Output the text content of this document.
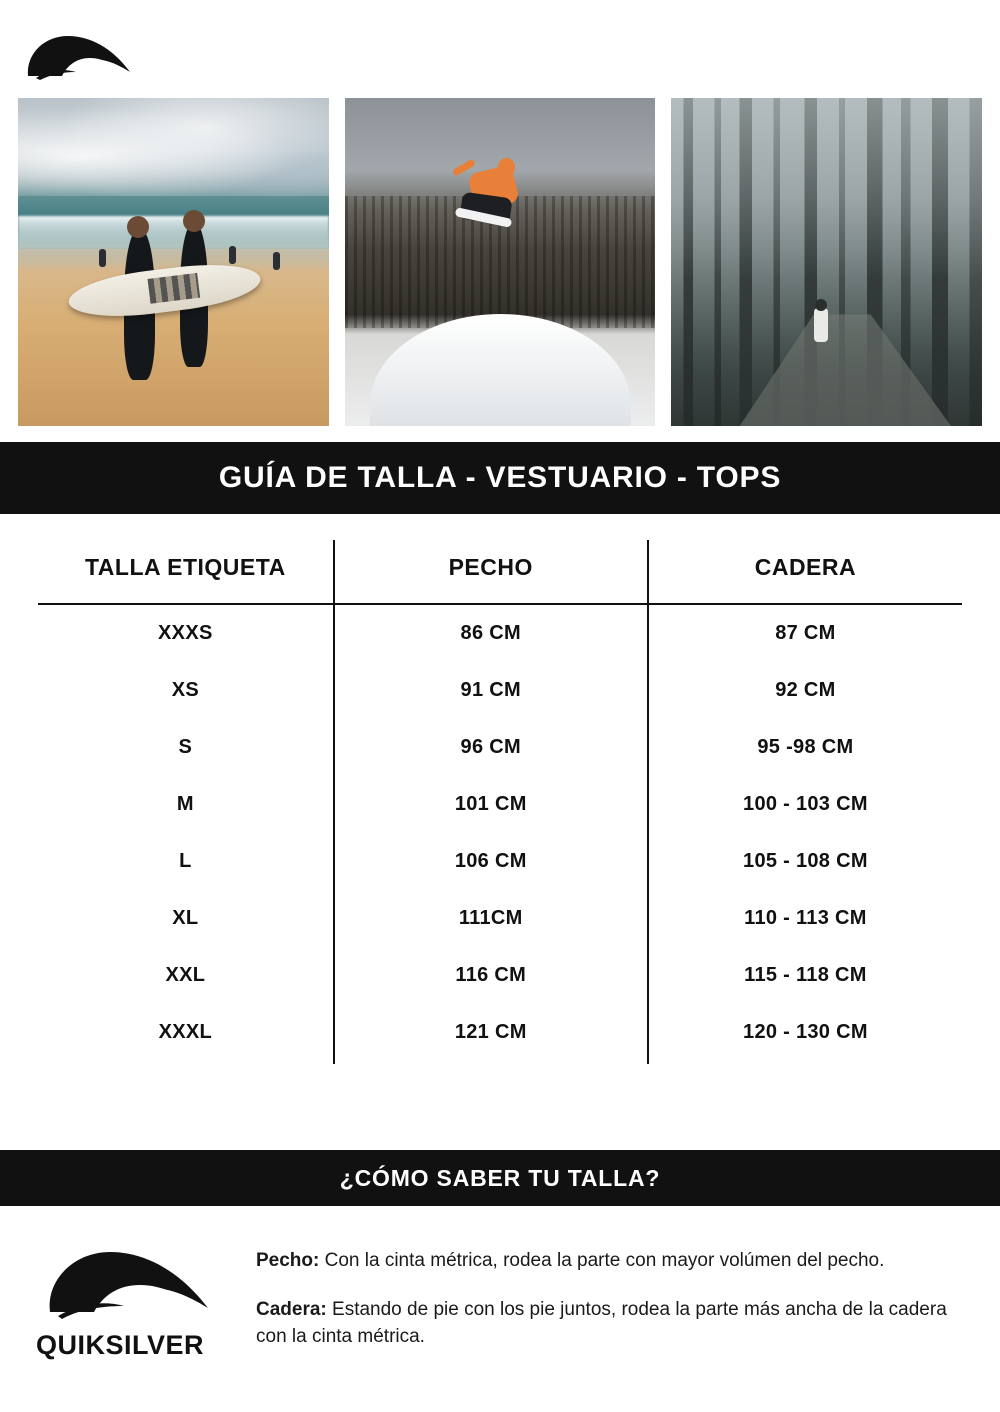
GUÍA DE TALLA - VESTUARIO - TOPS
TALLA ETIQUETA	PECHO	CADERA
XXXS	86 CM	87 CM
XS	91 CM	92 CM
S	96 CM	95 -98 CM
M	101 CM	100 - 103 CM
L	106 CM	105 - 108 CM
XL	111CM	110 - 113 CM
XXL	116 CM	115 - 118 CM
XXXL	121 CM	120 - 130 CM
¿CÓMO SABER TU TALLA?
QUIKSILVER

Pecho: Con la cinta métrica, rodea la parte con mayor volúmen del pecho.

Cadera: Estando de pie con los pie juntos, rodea la parte más ancha de la cadera con la cinta métrica.
